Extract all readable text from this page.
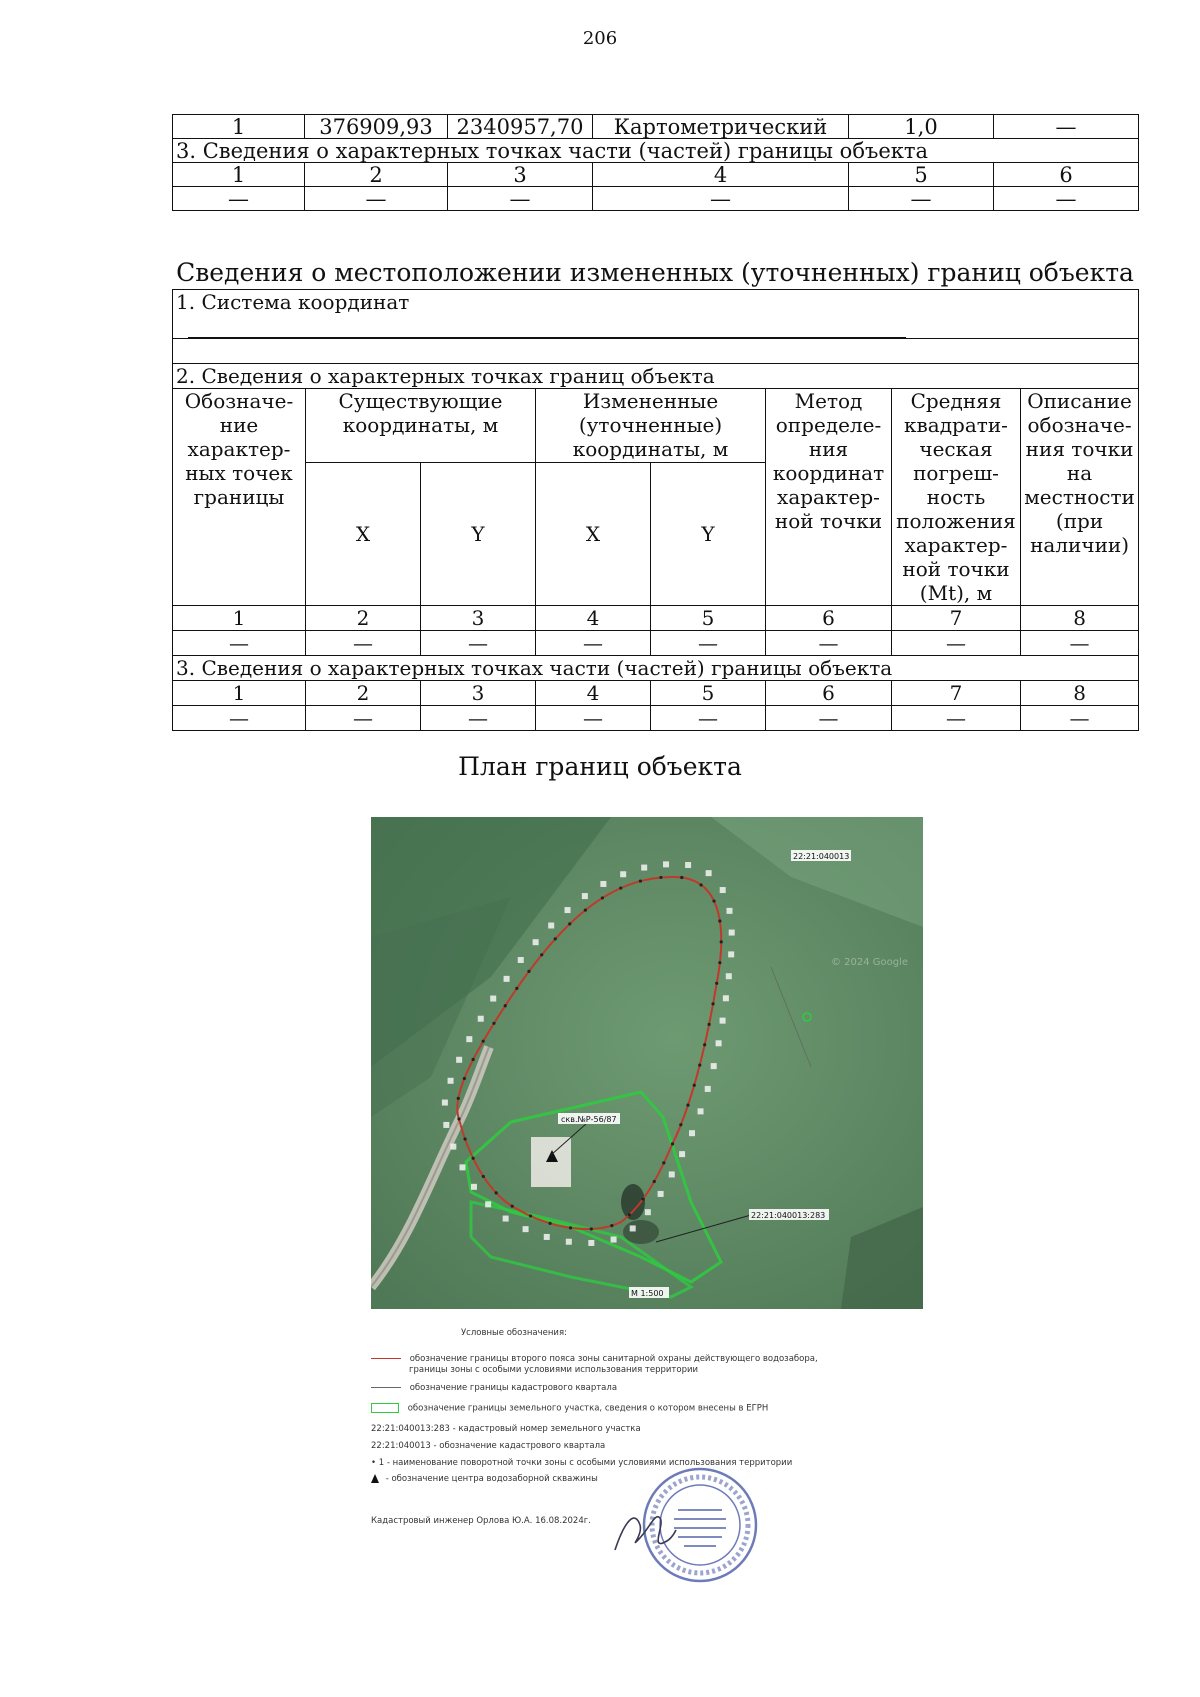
206
1	376909,93	2340957,70	Картометрический	1,0	—
3. Сведения о характерных точках части (частей) границы объекта					
1	2	3	4	5	6
—	—	—	—	—	—
Сведения о местоположении измененных (уточненных) границ объекта
1. Система координат							

2. Сведения о характерных точках границ объекта							
Обозначе-ние характер-ных точек границы	Существующие координаты, м		Измененные (уточненные) координаты, м		Метод определе-ния координат характер-ной точки	Средняя квадрати-ческая погреш-ность положения характер-ной точки (Mt), м	Описание обозначе-ния точки на местности (при наличии)
	X	Y	X	Y			
1	2	3	4	5	6	7	8
—	—	—	—	—	—	—	—
3. Сведения о характерных точках части (частей) границы объекта							
1	2	3	4	5	6	7	8
—	—	—	—	—	—	—	—
План границ объекта
скв.№Р-56/87
22:21:040013:283
22:21:040013
М 1:500
© 2024 Google
Условные обозначения:
обозначение границы второго пояса зоны санитарной охраны действующего водозабора,
границы зоны с особыми условиями использования территории
обозначение границы кадастрового квартала
обозначение границы земельного участка, сведения о котором внесены в ЕГРН
22:21:040013:283 - кадастровый номер земельного участка
22:21:040013 - обозначение кадастрового квартала
• 1 - наименование поворотной точки зоны с особыми условиями использования территории
- обозначение центра водозаборной скважины
Кадастровый инженер Орлова Ю.А. 16.08.2024г.
